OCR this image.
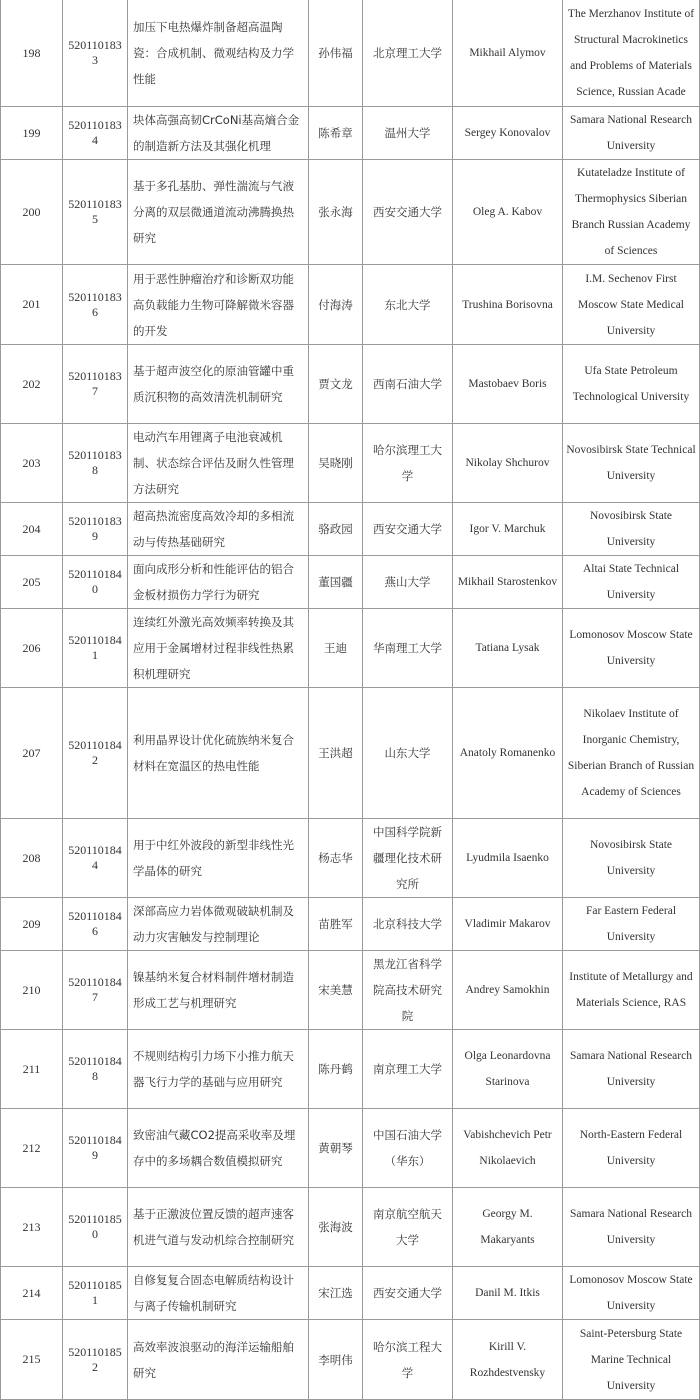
198	5201101833	加压下电热爆炸制备超高温陶瓷：合成机制、微观结构及力学性能	孙伟福	北京理工大学	Mikhail Alymov	The Merzhanov Institute of Structural Macrokinetics and Problems of Materials Science, Russian Acade
199	5201101834	块体高强高韧CrCoNi基高熵合金的制造新方法及其强化机理	陈希章	温州大学	Sergey Konovalov	Samara National Research University
200	5201101835	基于多孔基肋、弹性湍流与气液分离的双层微通道流动沸腾换热研究	张永海	西安交通大学	Oleg A. Kabov	Kutateladze Institute of Thermophysics Siberian Branch Russian Academy of Sciences
201	5201101836	用于恶性肿瘤治疗和诊断双功能高负载能力生物可降解微米容器的开发	付海涛	东北大学	Trushina Borisovna	I.M. Sechenov First Moscow State Medical University
202	5201101837	基于超声波空化的原油管罐中重质沉积物的高效清洗机制研究	贾文龙	西南石油大学	Mastobaev Boris	Ufa State Petroleum Technological University
203	5201101838	电动汽车用锂离子电池衰减机制、状态综合评估及耐久性管理方法研究	吴晓刚	哈尔滨理工大学	Nikolay Shchurov	Novosibirsk State Technical University
204	5201101839	超高热流密度高效冷却的多相流动与传热基础研究	骆政园	西安交通大学	Igor V. Marchuk	Novosibirsk State University
205	5201101840	面向成形分析和性能评估的铝合金板材损伤力学行为研究	董国疆	燕山大学	Mikhail Starostenkov	Altai State Technical University
206	5201101841	连续红外激光高效频率转换及其应用于金属增材过程非线性热累积机理研究	王迪	华南理工大学	Tatiana Lysak	Lomonosov Moscow State University
207	5201101842	利用晶界设计优化硫族纳米复合材料在宽温区的热电性能	王洪超	山东大学	Anatoly Romanenko	Nikolaev Institute of Inorganic Chemistry, Siberian Branch of Russian Academy of Sciences
208	5201101844	用于中红外波段的新型非线性光学晶体的研究	杨志华	中国科学院新疆理化技术研究所	Lyudmila Isaenko	Novosibirsk State University
209	5201101846	深部高应力岩体微观破缺机制及动力灾害触发与控制理论	苗胜军	北京科技大学	Vladimir Makarov	Far Eastern Federal University
210	5201101847	镍基纳米复合材料制件增材制造形成工艺与机理研究	宋美慧	黑龙江省科学院高技术研究院	Andrey Samokhin	Institute of Metallurgy and Materials Science, RAS
211	5201101848	不规则结构引力场下小推力航天器飞行力学的基础与应用研究	陈丹鹤	南京理工大学	Olga Leonardovna Starinova	Samara National Research University
212	5201101849	致密油气藏CO2提高采收率及埋存中的多场耦合数值模拟研究	黄朝琴	中国石油大学（华东）	Vabishchevich Petr Nikolaevich	North-Eastern Federal University
213	5201101850	基于正激波位置反馈的超声速客机进气道与发动机综合控制研究	张海波	南京航空航天大学	Georgy M. Makaryants	Samara National Research University
214	5201101851	自修复复合固态电解质结构设计与离子传输机制研究	宋江选	西安交通大学	Danil M. Itkis	Lomonosov Moscow State University
215	5201101852	高效率波浪驱动的海洋运输船舶研究	李明伟	哈尔滨工程大学	Kirill V. Rozhdestvensky	Saint-Petersburg State Marine Technical University
